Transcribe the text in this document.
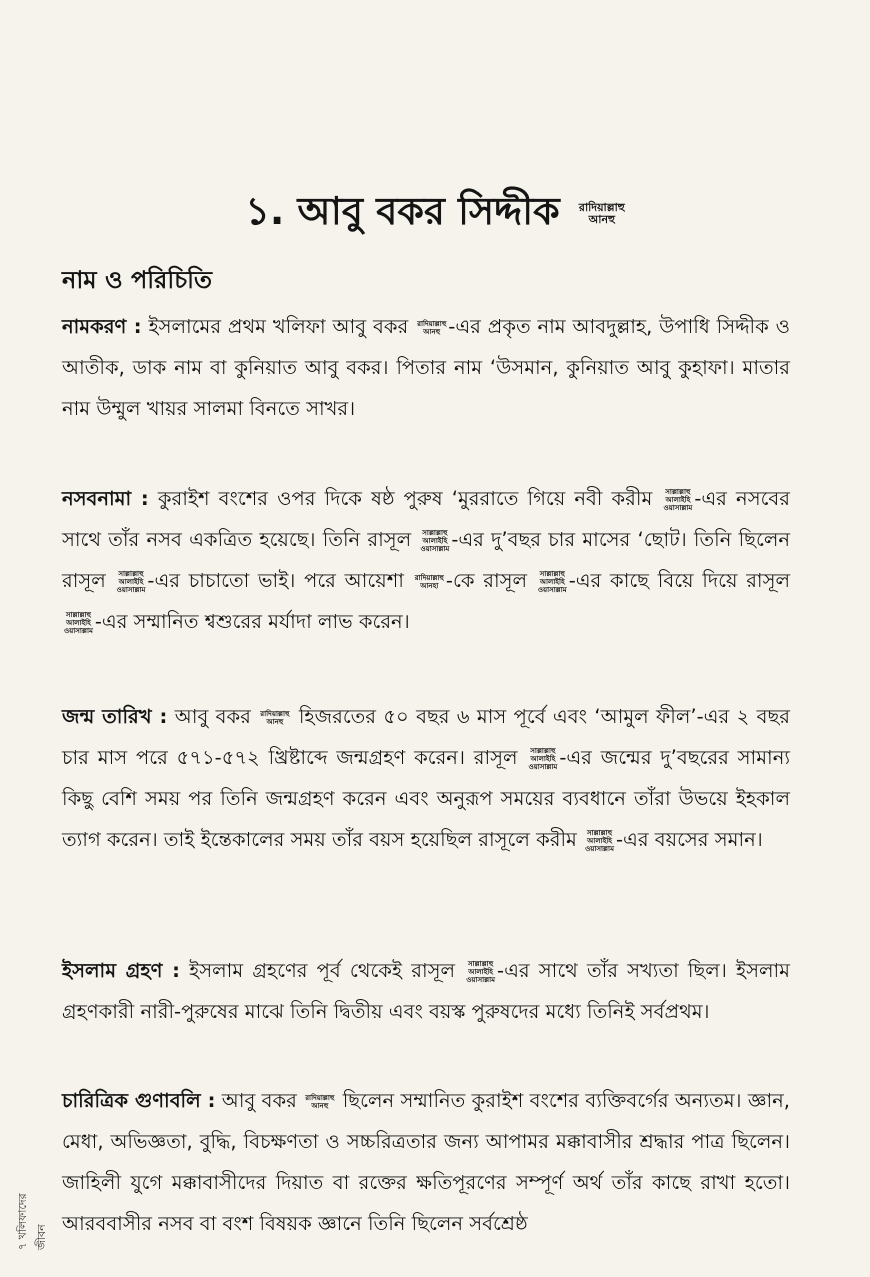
১. আবু বকর সিদ্দীক রাদিয়াল্লাহু
আনহু
নাম ও পরিচিতি

নামকরণ : ইসলামের প্রথম খলিফা আবু বকর রাদিয়াল্লাহু
আনহু -এর প্রকৃত নাম আবদুল্লাহ, উপাধি সিদ্দীক ও আতীক, ডাক নাম বা কুনিয়াত আবু বকর। পিতার নাম ‘উসমান, কুনিয়াত আবু কুহাফা। মাতার নাম উম্মুল খায়র সালমা বিনতে সাখর।

নসবনামা : কুরাইশ বংশের ওপর দিকে ষষ্ঠ পুরুষ ‘মুররাতে গিয়ে নবী করীম সাল্লাল্লাহু
আলাইহি
ওয়াসাল্লাম -এর নসবের সাথে তাঁর নসব একত্রিত হয়েছে। তিনি রাসূল সাল্লাল্লাহু
আলাইহি
ওয়াসাল্লাম -এর দু’বছর চার মাসের ‘ছোট। তিনি ছিলেন রাসূল সাল্লাল্লাহু
আলাইহি
ওয়াসাল্লাম -এর চাচাতো ভাই। পরে আয়েশা রাদিয়াল্লাহু
আনহা -কে রাসূল সাল্লাল্লাহু
আলাইহি
ওয়াসাল্লাম -এর কাছে বিয়ে দিয়ে রাসূল সাল্লাল্লাহু
আলাইহি
ওয়াসাল্লাম -এর সম্মানিত শ্বশুরের মর্যাদা লাভ করেন।

জন্ম তারিখ : আবু বকর রাদিয়াল্লাহু
আনহু হিজরতের ৫০ বছর ৬ মাস পূর্বে এবং ‘আমুল ফীল’-এর ২ বছর চার মাস পরে ৫৭১-৫৭২ খ্রিষ্টাব্দে জন্মগ্রহণ করেন। রাসূল সাল্লাল্লাহু
আলাইহি
ওয়াসাল্লাম -এর জন্মের দু’বছরের সামান্য কিছু বেশি সময় পর তিনি জন্মগ্রহণ করেন এবং অনুরূপ সময়ের ব্যবধানে তাঁরা উভয়ে ইহকাল ত্যাগ করেন। তাই ইন্তেকালের সময় তাঁর বয়স হয়েছিল রাসূলে করীম সাল্লাল্লাহু
আলাইহি
ওয়াসাল্লাম -এর বয়সের সমান।

ইসলাম গ্রহণ : ইসলাম গ্রহণের পূর্ব থেকেই রাসূল সাল্লাল্লাহু
আলাইহি
ওয়াসাল্লাম -এর সাথে তাঁর সখ্যতা ছিল। ইসলাম গ্রহণকারী নারী-পুরুষের মাঝে তিনি দ্বিতীয় এবং বয়স্ক পুরুষদের মধ্যে তিনিই সর্বপ্রথম।

চারিত্রিক গুণাবলি : আবু বকর রাদিয়াল্লাহু
আনহু ছিলেন সম্মানিত কুরাইশ বংশের ব্যক্তিবর্গের অন্যতম। জ্ঞান, মেধা, অভিজ্ঞতা, বুদ্ধি, বিচক্ষণতা ও সচ্চরিত্রতার জন্য আপামর মক্কাবাসীর শ্রদ্ধার পাত্র ছিলেন। জাহিলী যুগে মক্কাবাসীদের দিয়াত বা রক্তের ক্ষতিপূরণের সম্পূর্ণ অর্থ তাঁর কাছে রাখা হতো। আরববাসীর নসব বা বংশ বিষয়ক জ্ঞানে তিনি ছিলেন সর্বশ্রেষ্ঠ

৭ খলিফাদের জীবন
